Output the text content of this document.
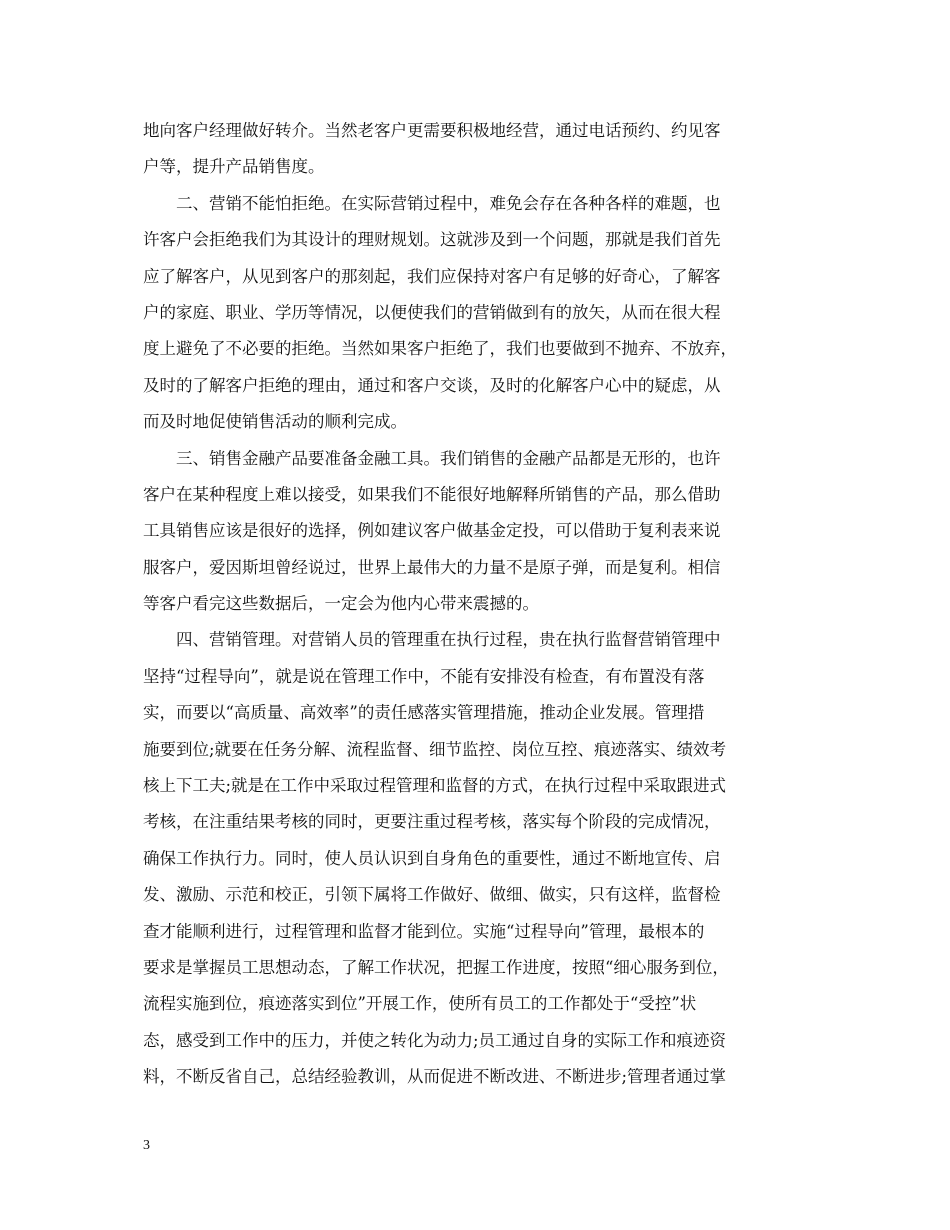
地向客户经理做好转介。当然老客户更需要积极地经营，通过电话预约、约见客
户等，提升产品销售度。
　　二、营销不能怕拒绝。在实际营销过程中，难免会存在各种各样的难题，也
许客户会拒绝我们为其设计的理财规划。这就涉及到一个问题，那就是我们首先
应了解客户，从见到客户的那刻起，我们应保持对客户有足够的好奇心，了解客
户的家庭、职业、学历等情况，以便使我们的营销做到有的放矢，从而在很大程
度上避免了不必要的拒绝。当然如果客户拒绝了，我们也要做到不抛弃、不放弃，
及时的了解客户拒绝的理由，通过和客户交谈，及时的化解客户心中的疑虑，从
而及时地促使销售活动的顺利完成。
　　三、销售金融产品要准备金融工具。我们销售的金融产品都是无形的，也许
客户在某种程度上难以接受，如果我们不能很好地解释所销售的产品，那么借助
工具销售应该是很好的选择，例如建议客户做基金定投，可以借助于复利表来说
服客户，爱因斯坦曾经说过，世界上最伟大的力量不是原子弹，而是复利。相信
等客户看完这些数据后，一定会为他内心带来震撼的。
　　四、营销管理。对营销人员的管理重在执行过程，贵在执行监督营销管理中
坚持“过程导向”，就是说在管理工作中，不能有安排没有检查，有布置没有落
实，而要以“高质量、高效率”的责任感落实管理措施，推动企业发展。管理措
施要到位;就要在任务分解、流程监督、细节监控、岗位互控、痕迹落实、绩效考
核上下工夫;就是在工作中采取过程管理和监督的方式，在执行过程中采取跟进式
考核，在注重结果考核的同时，更要注重过程考核，落实每个阶段的完成情况，
确保工作执行力。同时，使人员认识到自身角色的重要性，通过不断地宣传、启
发、激励、示范和校正，引领下属将工作做好、做细、做实，只有这样，监督检
查才能顺利进行，过程管理和监督才能到位。实施“过程导向”管理，最根本的
要求是掌握员工思想动态，了解工作状况，把握工作进度，按照“细心服务到位，
流程实施到位，痕迹落实到位”开展工作，使所有员工的工作都处于“受控”状
态，感受到工作中的压力，并使之转化为动力;员工通过自身的实际工作和痕迹资
料，不断反省自己，总结经验教训，从而促进不断改进、不断进步;管理者通过掌
3
